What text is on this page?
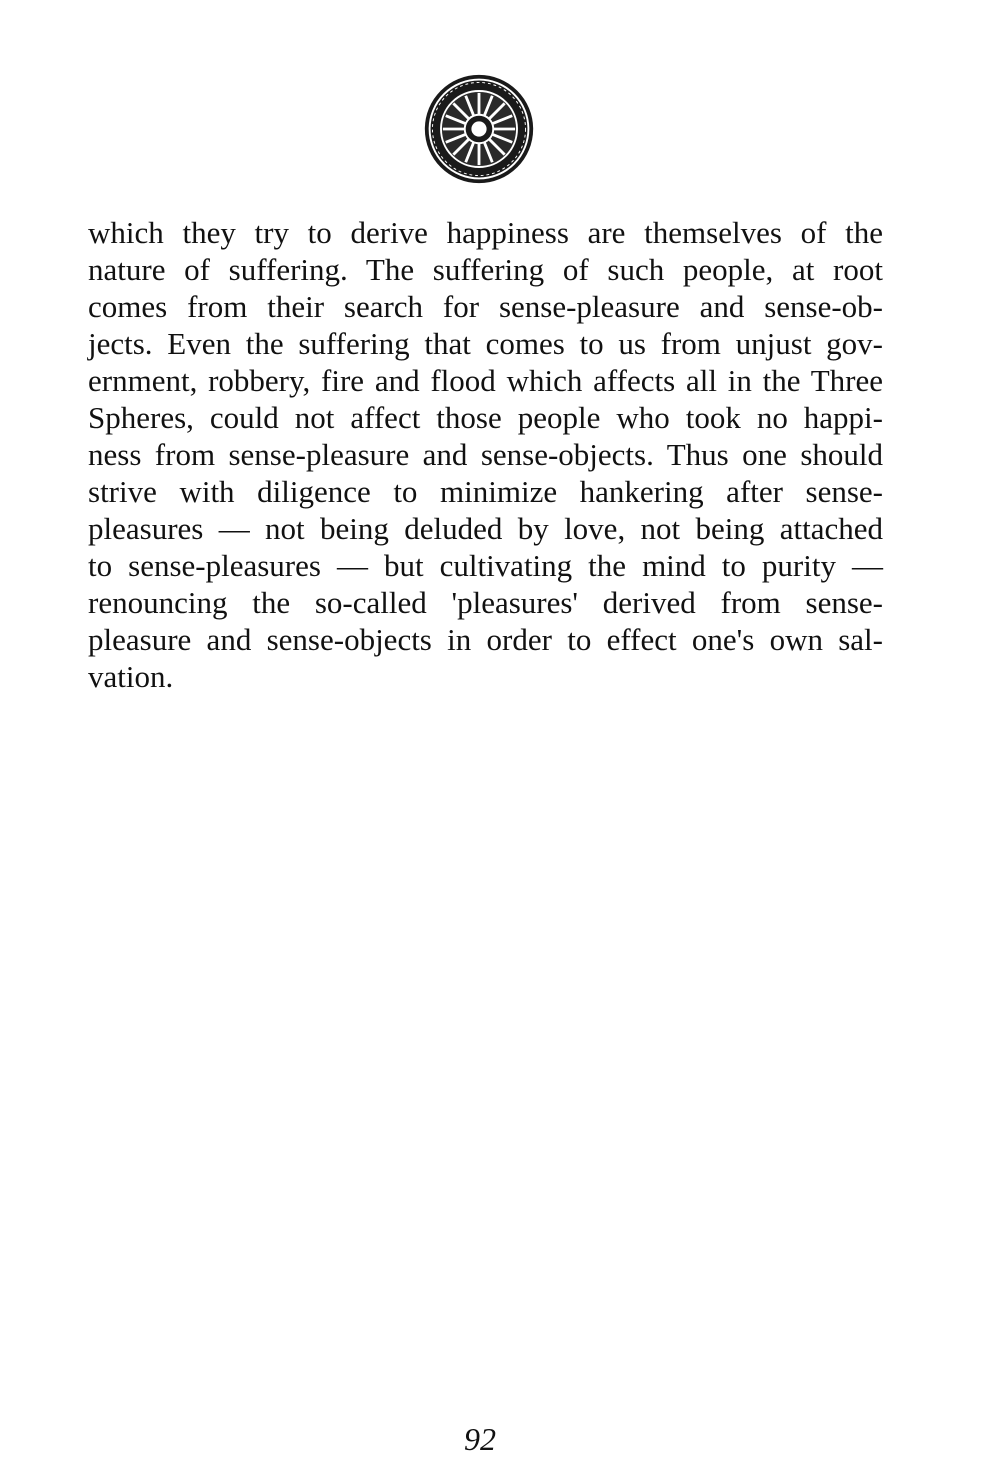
which they try to derive happiness are themselves of the
nature of suffering. The suffering of such people, at root
comes from their search for sense-pleasure and sense-ob-
jects. Even the suffering that comes to us from unjust gov-
ernment, robbery, fire and flood which affects all in the Three
Spheres, could not affect those people who took no happi-
ness from sense-pleasure and sense-objects. Thus one should
strive with diligence to minimize hankering after sense-
pleasures — not being deluded by love, not being attached
to sense-pleasures — but cultivating the mind to purity —
renouncing the so-called 'pleasures' derived from sense-
pleasure and sense-objects in order to effect one's own sal-
vation.
92
